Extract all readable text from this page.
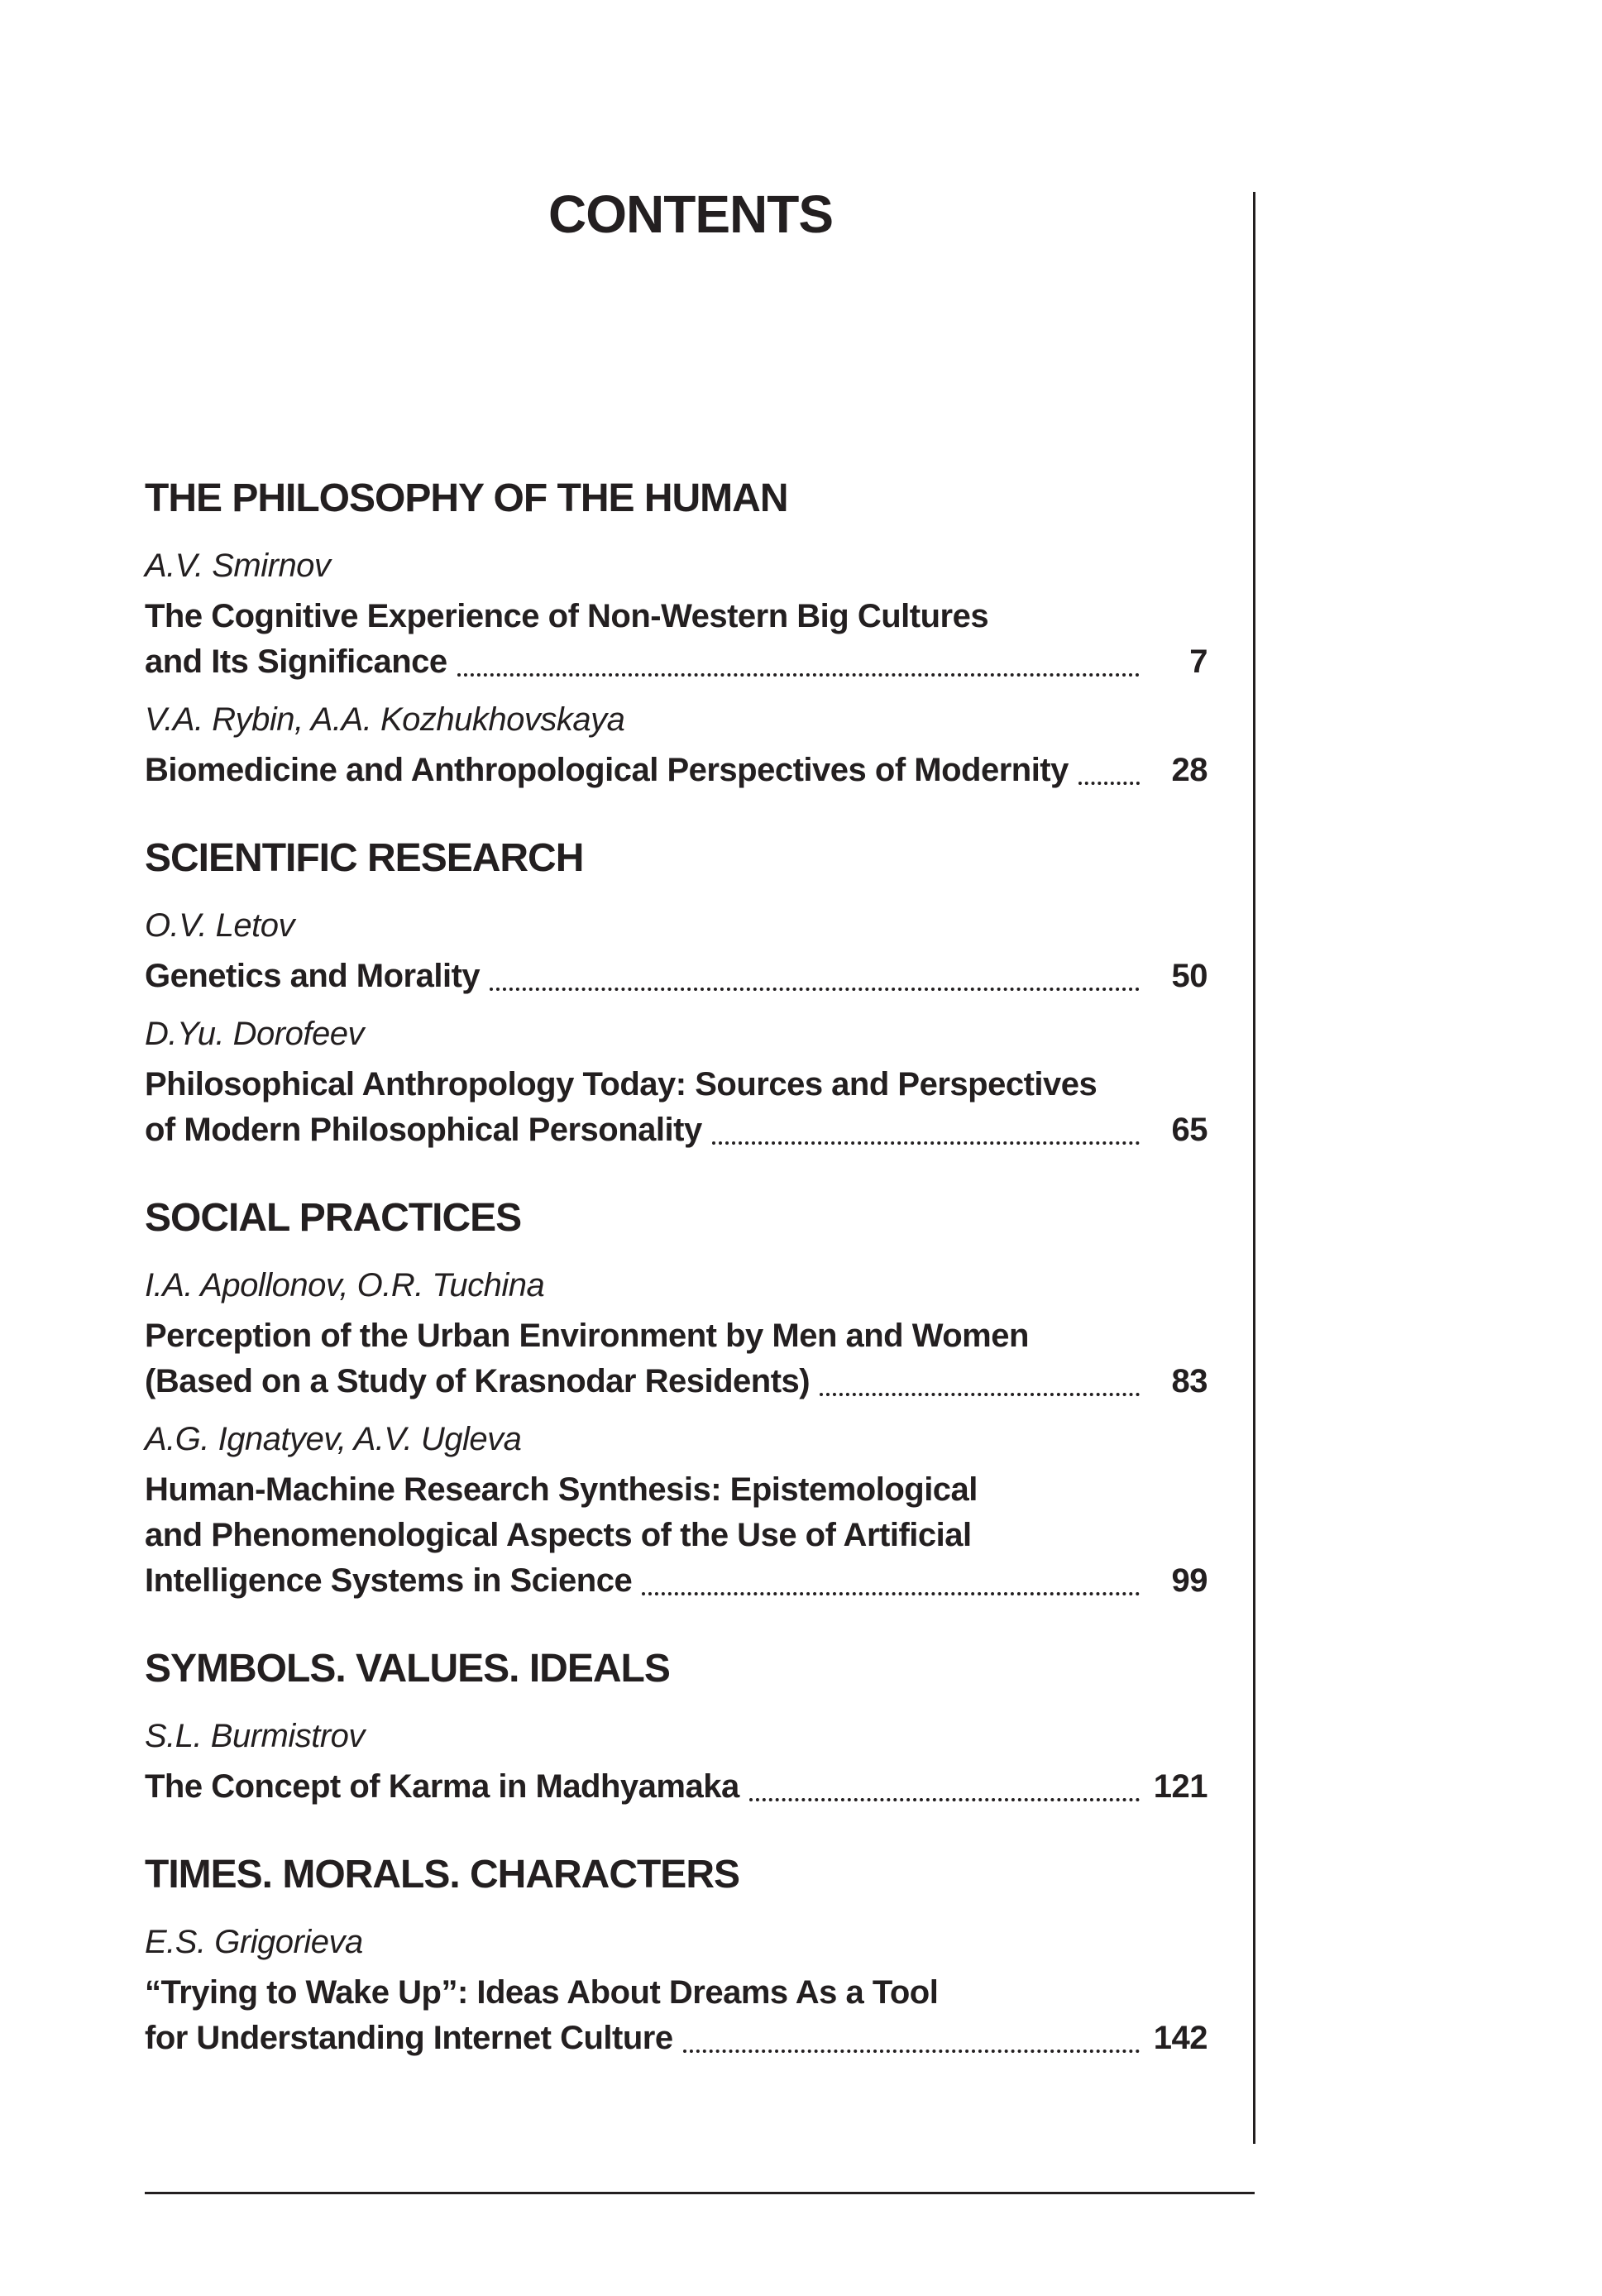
CONTENTS
THE PHILOSOPHY OF THE HUMAN
A.V. Smirnov
The Cognitive Experience of Non-Western Big Cultures
and Its Significance	7
V.A. Rybin, A.A. Kozhukhovskaya
Biomedicine and Anthropological Perspectives of Modernity	28
SCIENTIFIC RESEARCH
O.V. Letov
Genetics and Morality	50
D.Yu. Dorofeev
Philosophical Anthropology Today: Sources and Perspectives
of Modern Philosophical Personality	65
SOCIAL PRACTICES
I.A. Apollonov, O.R. Tuchina
Perception of the Urban Environment by Men and Women
(Based on a Study of Krasnodar Residents)	83
A.G. Ignatyev, A.V. Ugleva
Human-Machine Research Synthesis: Epistemological
and Phenomenological Aspects of the Use of Artificial
Intelligence Systems in Science	99
SYMBOLS. VALUES. IDEALS
S.L. Burmistrov
The Concept of Karma in Madhyamaka	121
TIMES. MORALS. CHARACTERS
E.S. Grigorieva
“Trying to Wake Up”: Ideas About Dreams As a Tool
for Understanding Internet Culture	142
